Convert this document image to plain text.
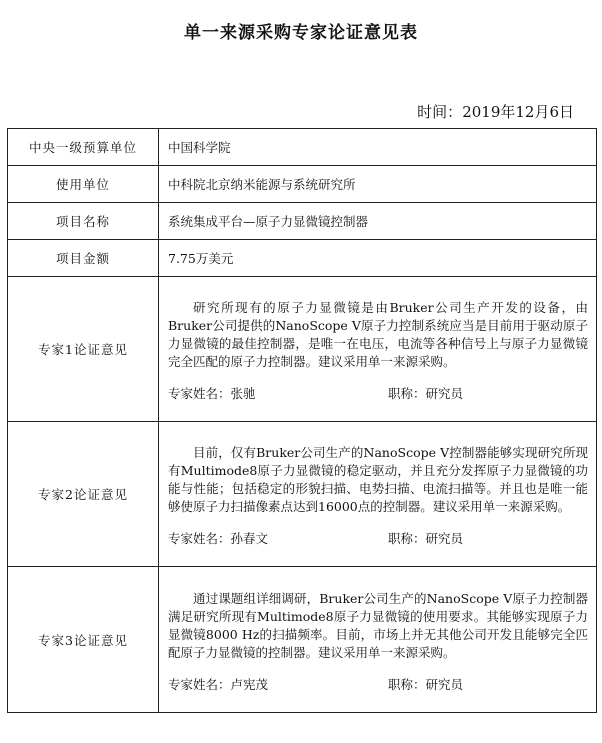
单一来源采购专家论证意见表
时间：2019年12月6日
中央一级预算单位	中国科学院
使用单位	中科院北京纳米能源与系统研究所
项目名称	系统集成平台—原子力显微镜控制器
项目金额	7.75万美元
专家1论证意见	研究所现有的原子力显微镜是由Bruker公司生产开发的设备，由Bruker公司提供的NanoScope V原子力控制系统应当是目前用于驱动原子力显微镜的最佳控制器，是唯一在电压，电流等各种信号上与原子力显微镜完全匹配的原子力控制器。建议采用单一来源采购。

专家姓名：张驰 职称：研究员

专家2论证意见	目前，仅有Bruker公司生产的NanoScope V控制器能够实现研究所现有Multimode8原子力显微镜的稳定驱动，并且充分发挥原子力显微镜的功能与性能；包括稳定的形貌扫描、电势扫描、电流扫描等。并且也是唯一能够使原子力扫描像素点达到16000点的控制器。建议采用单一来源采购。

专家姓名：孙春文 职称：研究员

专家3论证意见	通过课题组详细调研，Bruker公司生产的NanoScope V原子力控制器满足研究所现有Multimode8原子力显微镜的使用要求。其能够实现原子力显微镜8000 Hz的扫描频率。目前，市场上并无其他公司开发且能够完全匹配原子力显微镜的控制器。建议采用单一来源采购。

专家姓名：卢宪茂 职称：研究员
